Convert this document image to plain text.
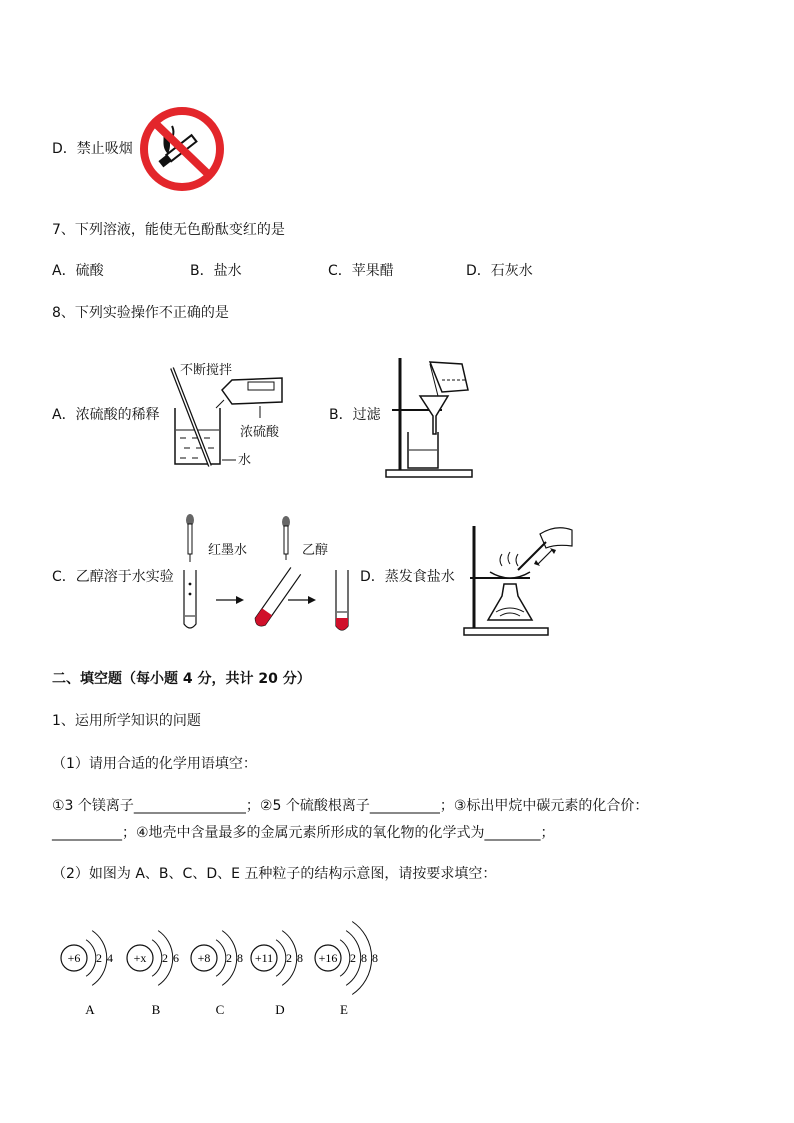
D．禁止吸烟
7、下列溶液，能使无色酚酞变红的是
A．硫酸	B．盐水	C．苹果醋	D．石灰水
8、下列实验操作不正确的是
A．浓硫酸的稀释
不断搅拌
浓硫酸
水
B．过滤
C．乙醇溶于水实验
红墨水	乙醇
D．蒸发食盐水
二、填空题（每小题 4 分，共计 20 分）
1、运用所学知识的问题
（1）请用合适的化学用语填空：
①3 个镁离子________________；②5 个硫酸根离子__________；③标出甲烷中碳元素的化合价：
__________；④地壳中含量最多的金属元素所形成的氧化物的化学式为________；
（2）如图为 A、B、C、D、E 五种粒子的结构示意图，请按要求填空：
+6 2 4
A
+x 2 6
B
+8 2 8
C
+11 2 8
D
+16 2 8 8
E
